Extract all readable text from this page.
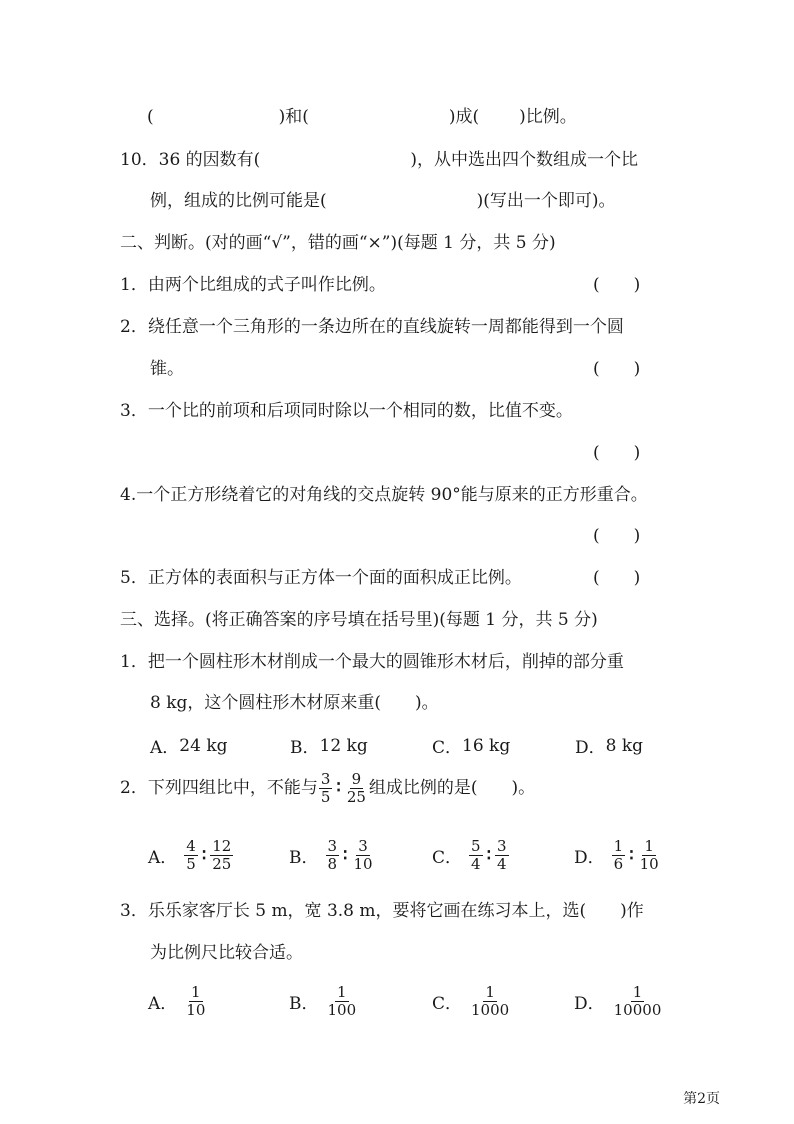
(	)和(	)成( )比例。
10．36 的因数有(	)，从中选出四个数组成一个比
例，组成的比例可能是(	)(写出一个即可)。
二、判断。(对的画“√”，错的画“×”)(每题 1 分，共 5 分)
1．由两个比组成的式子叫作比例。	(　　)
2．绕任意一个三角形的一条边所在的直线旋转一周都能得到一个圆
锥。	(　　)
3．一个比的前项和后项同时除以一个相同的数，比值不变。
(　　)
4.一个正方形绕着它的对角线的交点旋转 90°能与原来的正方形重合。
(　　)
5．正方体的表面积与正方体一个面的面积成正比例。	(　　)
三、选择。(将正确答案的序号填在括号里)(每题 1 分，共 5 分)
1．把一个圆柱形木材削成一个最大的圆锥形木材后，削掉的部分重
8 kg，这个圆柱形木材原来重(　　)。
A． 24 kg	B． 12 kg	C． 16 kg	D． 8 kg
2．下列四组比中，不能与 $\frac{3}{5}$ ∶ $\frac{9}{25}$ 组成比例的是(　　)。
A． $\frac{4}{5}$ ∶ $\frac{12}{25}$	B． $\frac{3}{8}$ ∶ $\frac{3}{10}$	C． $\frac{5}{4}$ ∶ $\frac{3}{4}$	D． $\frac{1}{6}$ ∶ $\frac{1}{10}$
3．乐乐家客厅长 5 m，宽 3.8 m，要将它画在练习本上，选(　　)作
为比例尺比较合适。
A． $\frac{1}{10}$	B． $\frac{1}{100}$	C． $\frac{1}{1000}$	D． $\frac{1}{10000}$
第2页
